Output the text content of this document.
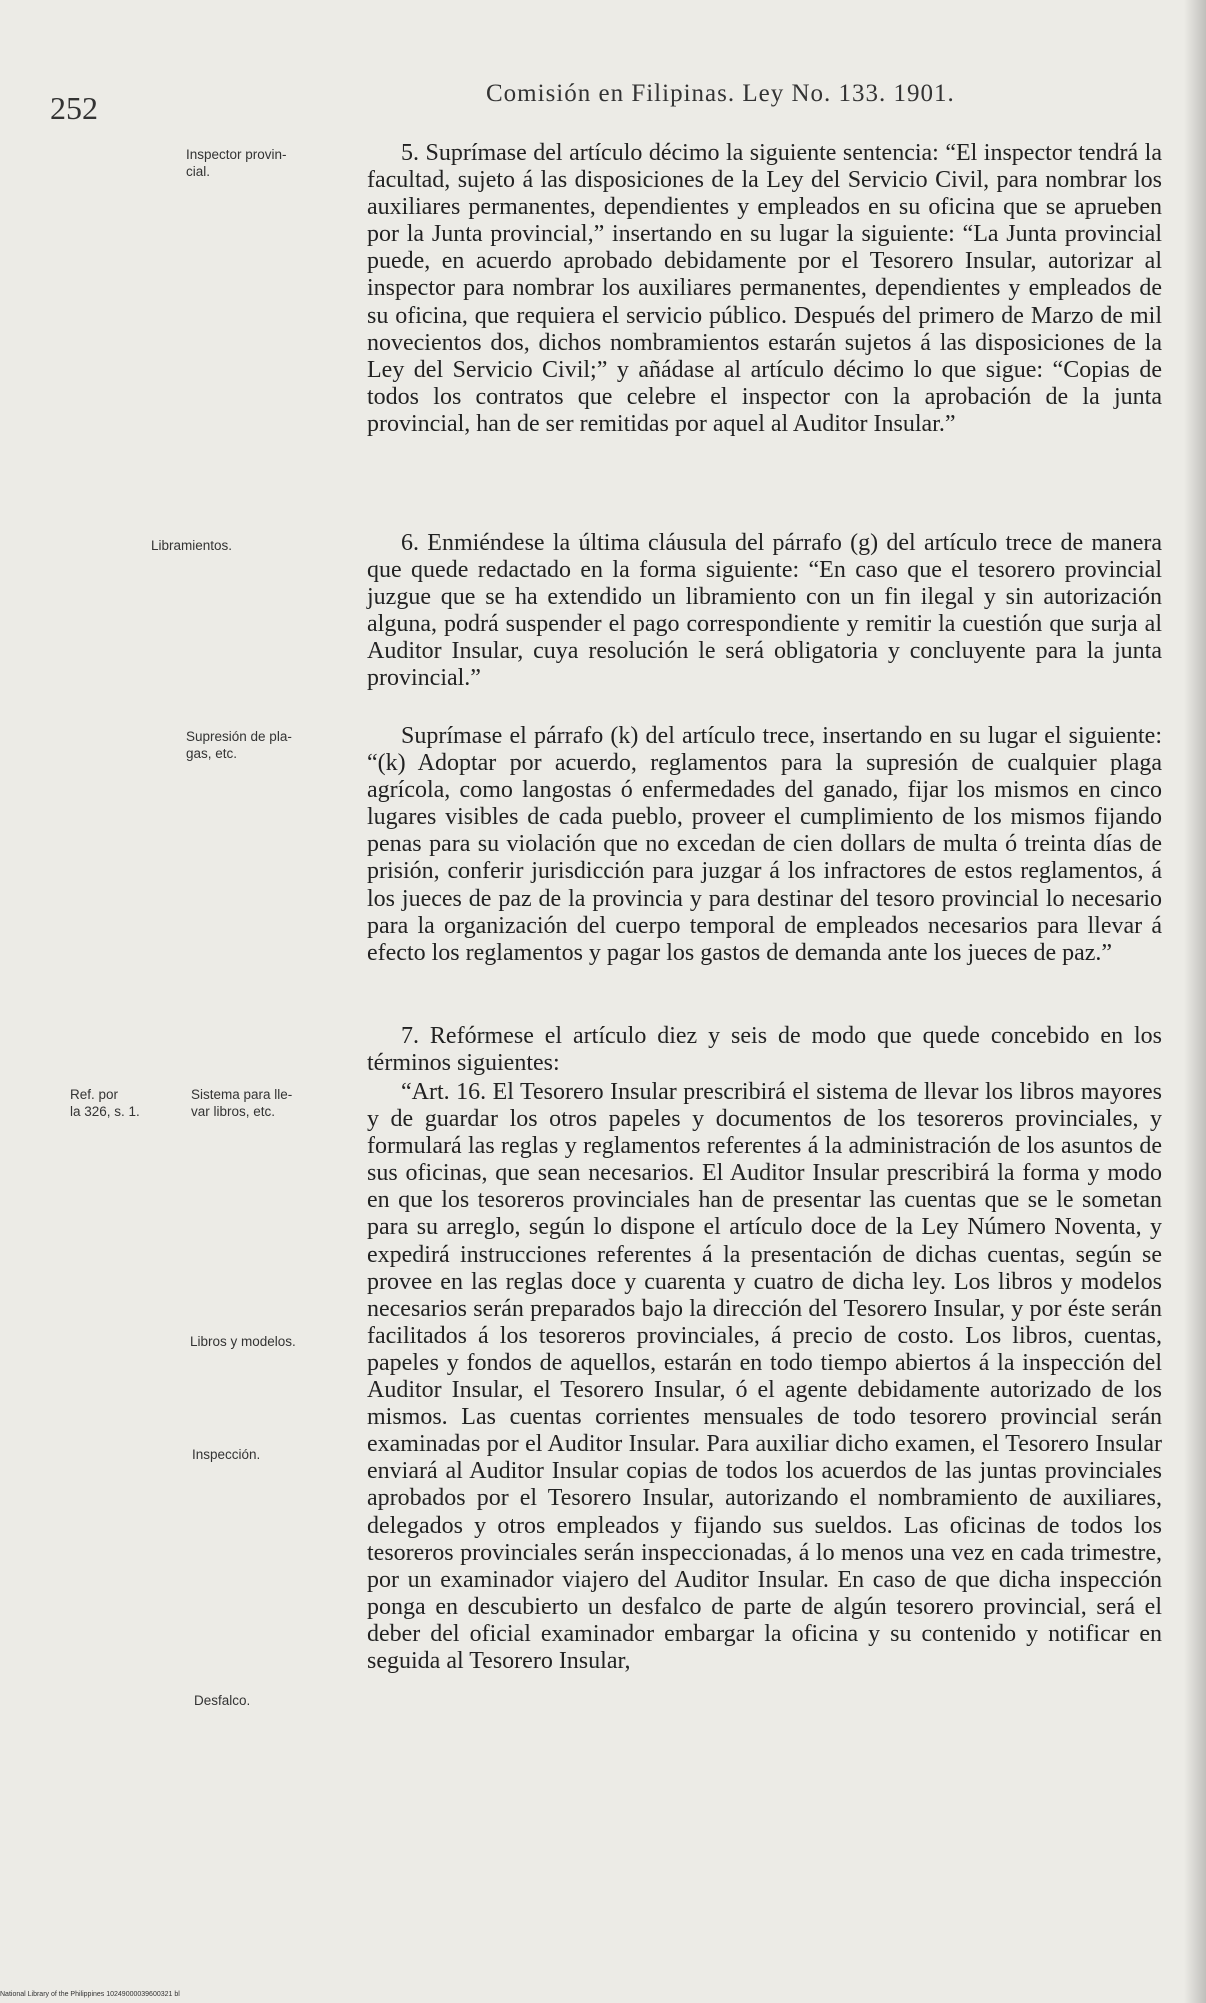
252	Comisión en Filipinas. Ley No. 133. 1901.
Inspector provin-
cial.
Libramientos.
Supresión de pla-
gas, etc.
Ref. por
la 326, s. 1.
Sistema para lle-
var libros, etc.
Libros y modelos.
Inspección.
Desfalco.

5. Suprímase del artículo décimo la siguiente sentencia: “El inspector tendrá la facultad, sujeto á las disposiciones de la Ley del Servicio Civil, para nombrar los auxiliares permanentes, dependientes y empleados en su oficina que se aprueben por la Junta provincial,” insertando en su lugar la siguiente: “La Junta provincial puede, en acuerdo aprobado debidamente por el Tesorero Insular, autorizar al inspector para nombrar los auxiliares permanentes, dependientes y empleados de su oficina, que requiera el servicio público. Después del primero de Marzo de mil novecientos dos, dichos nombramientos estarán sujetos á las disposiciones de la Ley del Servicio Civil;” y añádase al artículo décimo lo que sigue: “Copias de todos los contratos que celebre el inspector con la aprobación de la junta provincial, han de ser remitidas por aquel al Auditor Insular.”

6. Enmiéndese la última cláusula del párrafo (g) del artículo trece de manera que quede redactado en la forma siguiente: “En caso que el tesorero provincial juzgue que se ha extendido un libramiento con un fin ilegal y sin autorización alguna, podrá suspender el pago correspondiente y remitir la cuestión que surja al Auditor Insular, cuya resolución le será obligatoria y concluyente para la junta provincial.”

Suprímase el párrafo (k) del artículo trece, insertando en su lugar el siguiente: “(k) Adoptar por acuerdo, reglamentos para la supresión de cualquier plaga agrícola, como langostas ó enfermedades del ganado, fijar los mismos en cinco lugares visibles de cada pueblo, proveer el cumplimiento de los mismos fijando penas para su violación que no excedan de cien dollars de multa ó treinta días de prisión, conferir jurisdicción para juzgar á los infractores de estos reglamentos, á los jueces de paz de la provincia y para destinar del tesoro provincial lo necesario para la organización del cuerpo temporal de empleados necesarios para llevar á efecto los reglamentos y pagar los gastos de demanda ante los jueces de paz.”

7. Refórmese el artículo diez y seis de modo que quede concebido en los términos siguientes:

“Art. 16. El Tesorero Insular prescribirá el sistema de llevar los libros mayores y de guardar los otros papeles y documentos de los tesoreros provinciales, y formulará las reglas y reglamentos referentes á la administración de los asuntos de sus oficinas, que sean necesarios. El Auditor Insular prescribirá la forma y modo en que los tesoreros provinciales han de presentar las cuentas que se le sometan para su arreglo, según lo dispone el artículo doce de la Ley Número Noventa, y expedirá instrucciones referentes á la presentación de dichas cuentas, según se provee en las reglas doce y cuarenta y cuatro de dicha ley. Los libros y modelos necesarios serán preparados bajo la dirección del Tesorero Insular, y por éste serán facilitados á los tesoreros provinciales, á precio de costo. Los libros, cuentas, papeles y fondos de aquellos, estarán en todo tiempo abiertos á la inspección del Auditor Insular, el Tesorero Insular, ó el agente debidamente autorizado de los mismos. Las cuentas corrientes mensuales de todo tesorero provincial serán examinadas por el Auditor Insular. Para auxiliar dicho examen, el Tesorero Insular enviará al Auditor Insular copias de todos los acuerdos de las juntas provinciales aprobados por el Tesorero Insular, autorizando el nombramiento de auxiliares, delegados y otros empleados y fijando sus sueldos. Las oficinas de todos los tesoreros provinciales serán inspeccionadas, á lo menos una vez en cada trimestre, por un examinador viajero del Auditor Insular. En caso de que dicha inspección ponga en descubierto un desfalco de parte de algún tesorero provincial, será el deber del oficial examinador embargar la oficina y su contenido y notificar en seguida al Tesorero Insular,

National Library of the Philippines 10249000039600321 bl
